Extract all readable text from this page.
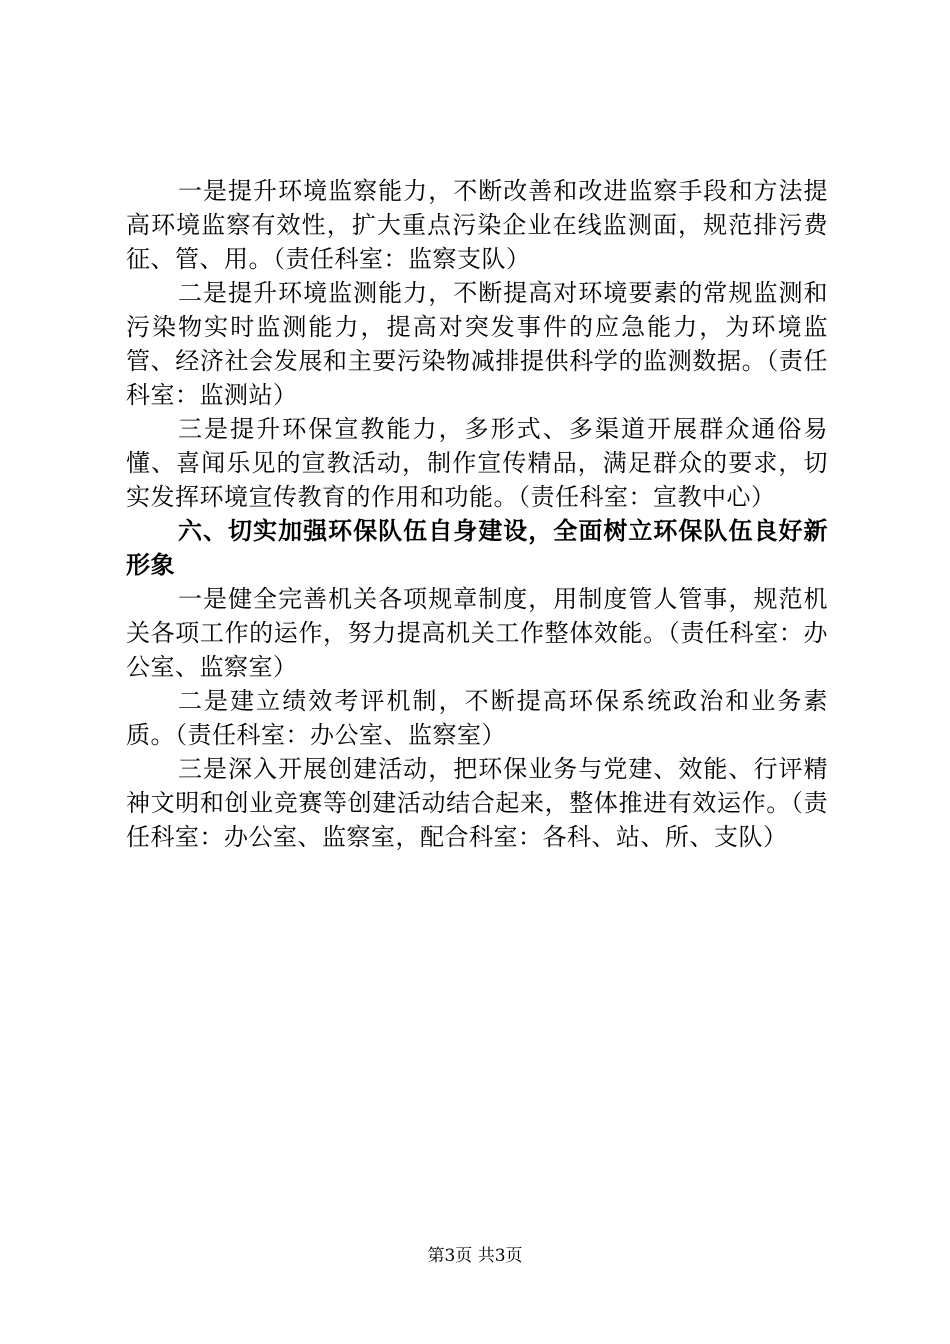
一是提升环境监察能力，不断改善和改进监察手段和方法提高环境监察有效性，扩大重点污染企业在线监测面，规范排污费征、管、用。（责任科室：监察支队）

二是提升环境监测能力，不断提高对环境要素的常规监测和污染物实时监测能力，提高对突发事件的应急能力，为环境监管、经济社会发展和主要污染物减排提供科学的监测数据。（责任科室：监测站）

三是提升环保宣教能力，多形式、多渠道开展群众通俗易懂、喜闻乐见的宣教活动，制作宣传精品，满足群众的要求，切实发挥环境宣传教育的作用和功能。（责任科室：宣教中心）

六、切实加强环保队伍自身建设，全面树立环保队伍良好新形象

一是健全完善机关各项规章制度，用制度管人管事，规范机关各项工作的运作，努力提高机关工作整体效能。（责任科室：办公室、监察室）

二是建立绩效考评机制，不断提高环保系统政治和业务素质。（责任科室：办公室、监察室）

三是深入开展创建活动，把环保业务与党建、效能、行评精神文明和创业竞赛等创建活动结合起来，整体推进有效运作。（责任科室：办公室、监察室，配合科室：各科、站、所、支队）

第3页 共3页
